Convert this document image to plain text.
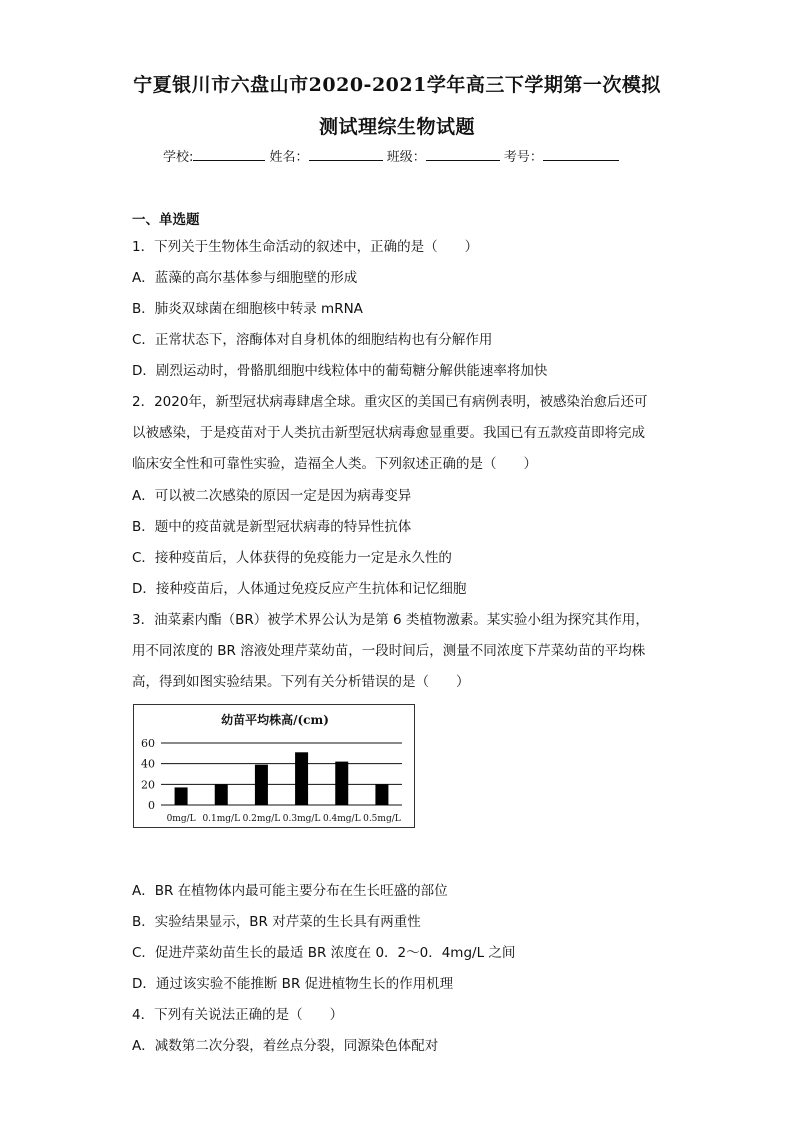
宁夏银川市六盘山市2020-2021学年高三下学期第一次模拟
测试理综生物试题
学校:	姓名：	班级：	考号：
一、单选题
1．下列关于生物体生命活动的叙述中，正确的是（　　）
A．蓝藻的高尔基体参与细胞壁的形成
B．肺炎双球菌在细胞核中转录 mRNA
C．正常状态下，溶酶体对自身机体的细胞结构也有分解作用
D．剧烈运动时，骨骼肌细胞中线粒体中的葡萄糖分解供能速率将加快
2．2020年，新型冠状病毒肆虐全球。重灾区的美国已有病例表明，被感染治愈后还可
以被感染，于是疫苗对于人类抗击新型冠状病毒愈显重要。我国已有五款疫苗即将完成
临床安全性和可靠性实验，造福全人类。下列叙述正确的是（　　）
A．可以被二次感染的原因一定是因为病毒变异
B．题中的疫苗就是新型冠状病毒的特异性抗体
C．接种疫苗后，人体获得的免疫能力一定是永久性的
D．接种疫苗后，人体通过免疫反应产生抗体和记忆细胞
3．油菜素内酯（BR）被学术界公认为是第 6 类植物激素。某实验小组为探究其作用，
用不同浓度的 BR 溶液处理芹菜幼苗，一段时间后，测量不同浓度下芹菜幼苗的平均株
高，得到如图实验结果。下列有关分析错误的是（　　）
幼苗平均株高/(cm)
0
20
40
60
0mg/L 0.1mg/L 0.2mg/L 0.3mg/L 0.4mg/L 0.5mg/L
A．BR 在植物体内最可能主要分布在生长旺盛的部位
B．实验结果显示，BR 对芹菜的生长具有两重性
C．促进芹菜幼苗生长的最适 BR 浓度在 0．2～0．4mg/L 之间
D．通过该实验不能推断 BR 促进植物生长的作用机理
4．下列有关说法正确的是（　　）
A．减数第二次分裂，着丝点分裂，同源染色体配对
